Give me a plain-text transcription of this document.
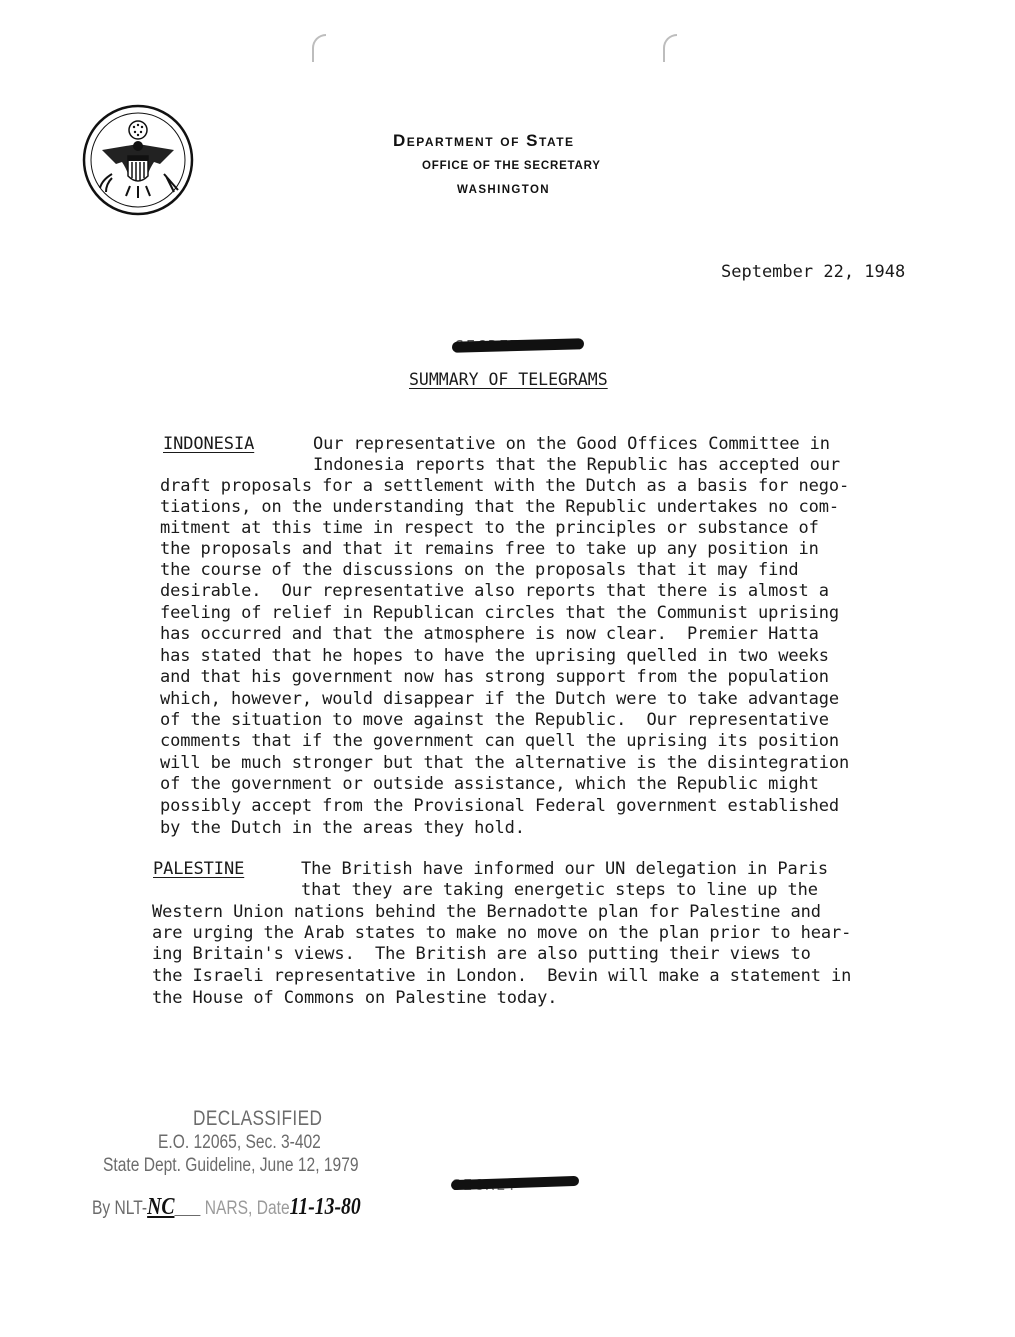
Department of State
OFFICE OF THE SECRETARY
WASHINGTON
September 22, 1948
SUMMARY OF TELEGRAMS
INDONESIA	Our representative on the Good Offices Committee in
Indonesia reports that the Republic has accepted our
draft proposals for a settlement with the Dutch as a basis for nego-
tiations, on the understanding that the Republic undertakes no com-
mitment at this time in respect to the principles or substance of
the proposals and that it remains free to take up any position in
the course of the discussions on the proposals that it may find
desirable.  Our representative also reports that there is almost a
feeling of relief in Republican circles that the Communist uprising
has occurred and that the atmosphere is now clear.  Premier Hatta
has stated that he hopes to have the uprising quelled in two weeks
and that his government now has strong support from the population
which, however, would disappear if the Dutch were to take advantage
of the situation to move against the Republic.  Our representative
comments that if the government can quell the uprising its position
will be much stronger but that the alternative is the disintegration
of the government or outside assistance, which the Republic might
possibly accept from the Provisional Federal government established
by the Dutch in the areas they hold.
PALESTINE	The British have informed our UN delegation in Paris
that they are taking energetic steps to line up the
Western Union nations behind the Bernadotte plan for Palestine and
are urging the Arab states to make no move on the plan prior to hear-
ing Britain's views.  The British are also putting their views to
the Israeli representative in London.  Bevin will make a statement in
the House of Commons on Palestine today.
DECLASSIFIED
E.O. 12065, Sec. 3-402
State Dept. Guideline, June 12, 1979
By NLT-NC NARS, Date11-13-80
